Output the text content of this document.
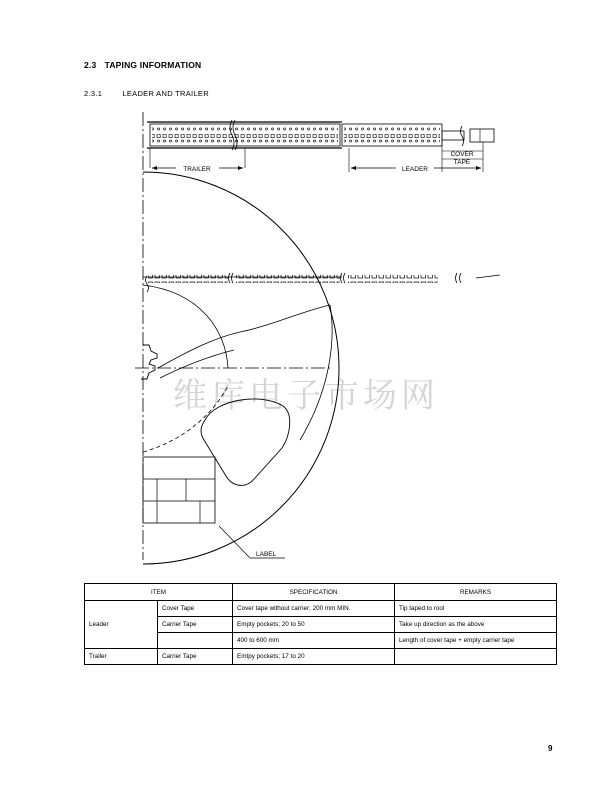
2.3 TAPING INFORMATION
2.3.1	LEADER AND TRAILER
维库电子市场网
TRAILER	LEADER
COVER
TAPE
LABEL
ITEM		SPECIFICATION	REMARKS
Leader	Cover Tape	Cover tape without carrier; 200 mm MIN.	Tip taped to rool
	Carrier Tape	Empty pockets; 20 to 50	Take up direction as the above
		400 to 600 mm	Length of cover tape + empty carrier tape
Trailer	Carrier Tape	Emtpy pockets; 17 to 20	
9
